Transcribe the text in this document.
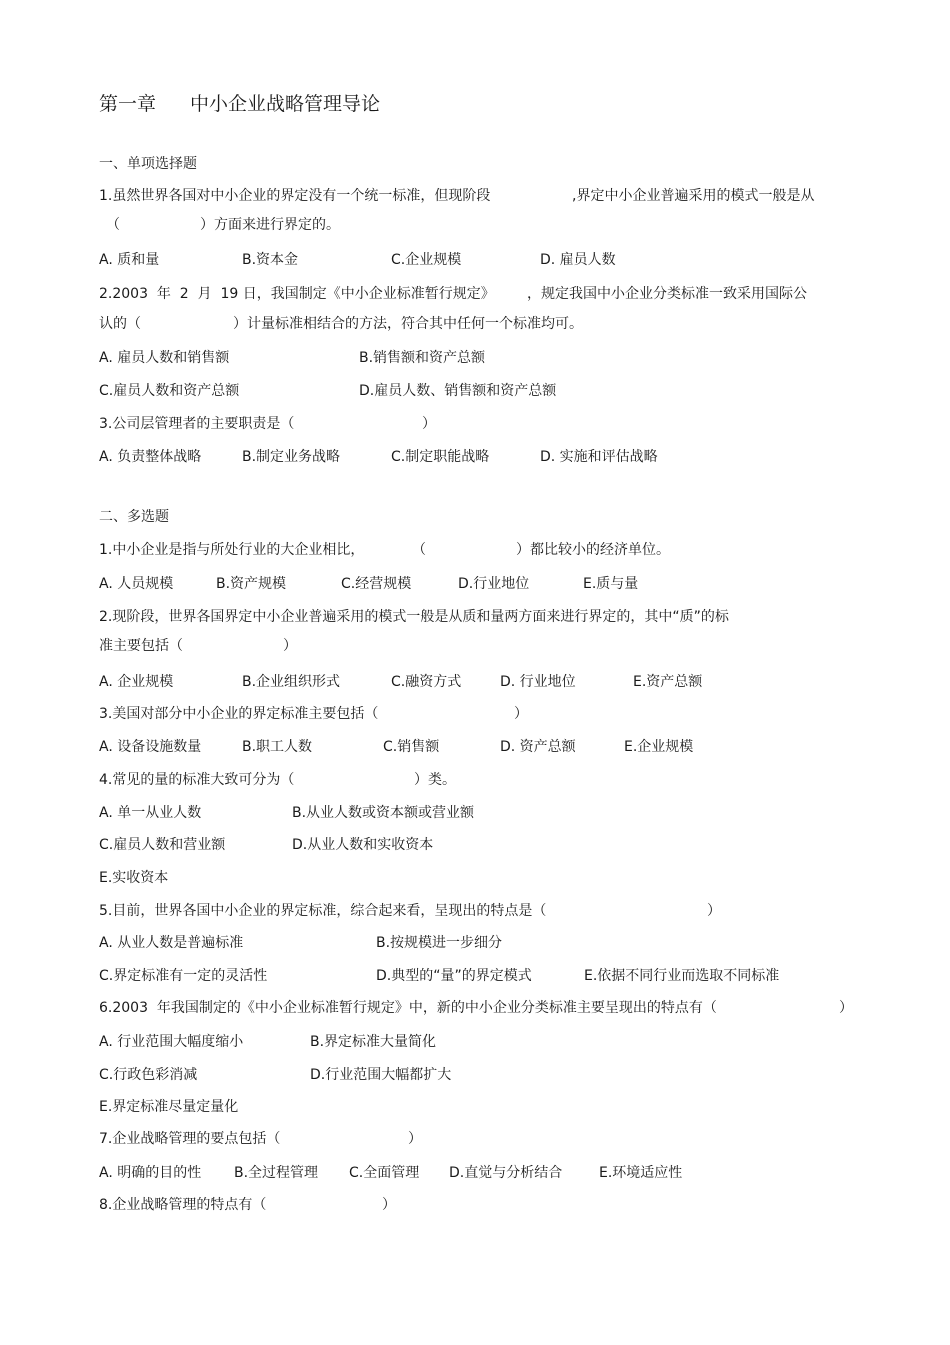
第一章 中小企业战略管理导论
一、单项选择题
1.虽然世界各国对中小企业的界定没有一个统一标准，但现阶段	,界定中小企业普遍采用的模式一般是从
（	）方面来进行界定的。
A. 质和量	B.资本金	C.企业规模	D. 雇员人数
2.2003  年  2  月  19 日，我国制定《中小企业标准暂行规定》 ，规定我国中小企业分类标准一致采用国际公
认的（	）计量标准相结合的方法，符合其中任何一个标准均可。
A. 雇员人数和销售额	B.销售额和资产总额
C.雇员人数和资产总额	D.雇员人数、销售额和资产总额
3.公司层管理者的主要职责是（	）
A. 负责整体战略	B.制定业务战略	C.制定职能战略	D. 实施和评估战略
二、多选题
1.中小企业是指与所处行业的大企业相比，	（	）都比较小的经济单位。
A. 人员规模	B.资产规模	C.经营规模	D.行业地位	E.质与量
2.现阶段，世界各国界定中小企业普遍采用的模式一般是从质和量两方面来进行界定的，其中“质”的标
准主要包括（	）
A. 企业规模	B.企业组织形式	C.融资方式	D. 行业地位	E.资产总额
3.美国对部分中小企业的界定标准主要包括（	）
A. 设备设施数量	B.职工人数	C.销售额	D. 资产总额	E.企业规模
4.常见的量的标准大致可分为（	）类。
A. 单一从业人数	B.从业人数或资本额或营业额
C.雇员人数和营业额	D.从业人数和实收资本
E.实收资本
5.目前，世界各国中小企业的界定标准，综合起来看，呈现出的特点是（	）
A. 从业人数是普遍标准	B.按规模进一步细分
C.界定标准有一定的灵活性	D.典型的“量”的界定模式	E.依据不同行业而选取不同标准
6.2003  年我国制定的《中小企业标准暂行规定》中，新的中小企业分类标准主要呈现出的特点有（	）
A. 行业范围大幅度缩小	B.界定标准大量简化
C.行政色彩消减	D.行业范围大幅都扩大
E.界定标准尽量定量化
7.企业战略管理的要点包括（	）
A. 明确的目的性 B.全过程管理 C.全面管理 D.直觉与分析结合	E.环境适应性
8.企业战略管理的特点有（	）
